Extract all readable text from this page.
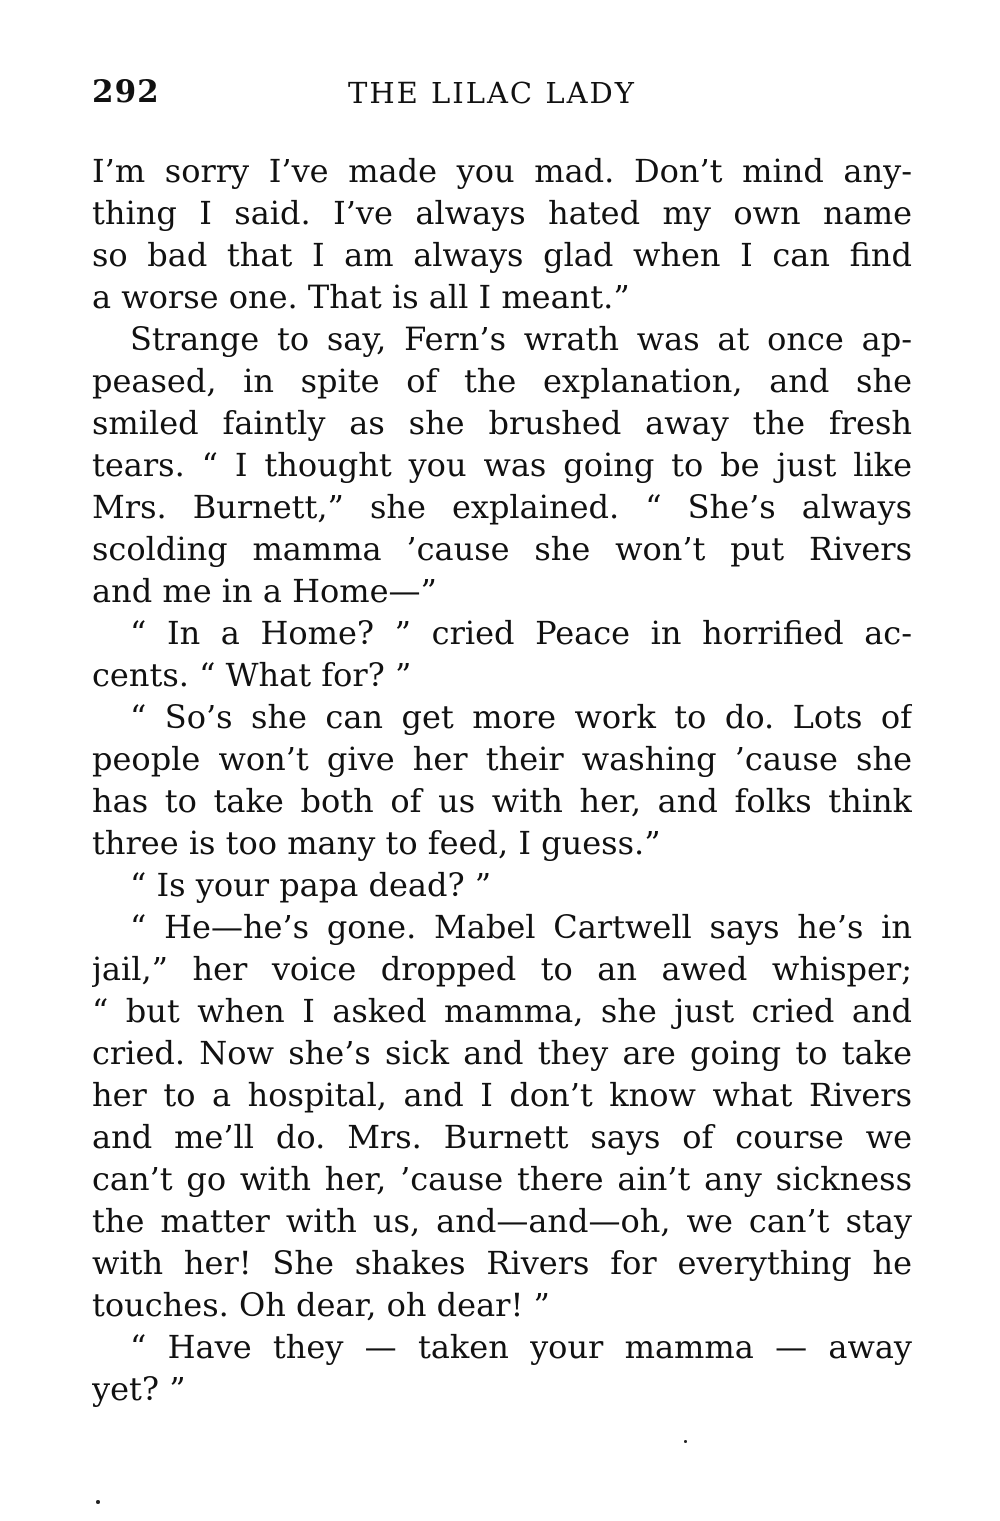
292	THE LILAC LADY
I’m sorry I’ve made you mad. Don’t mind any-
thing I said. I’ve always hated my own name
so bad that I am always glad when I can find
a worse one. That is all I meant.”
Strange to say, Fern’s wrath was at once ap-
peased, in spite of the explanation, and she
smiled faintly as she brushed away the fresh
tears. “ I thought you was going to be just like
Mrs. Burnett,” she explained. “ She’s always
scolding mamma ’cause she won’t put Rivers
and me in a Home—”
“ In a Home? ” cried Peace in horrified ac-
cents. “ What for? ”
“ So’s she can get more work to do. Lots of
people won’t give her their washing ’cause she
has to take both of us with her, and folks think
three is too many to feed, I guess.”
“ Is your papa dead? ”
“ He—he’s gone. Mabel Cartwell says he’s in
jail,” her voice dropped to an awed whisper;
“ but when I asked mamma, she just cried and
cried. Now she’s sick and they are going to take
her to a hospital, and I don’t know what Rivers
and me’ll do. Mrs. Burnett says of course we
can’t go with her, ’cause there ain’t any sickness
the matter with us, and—and—oh, we can’t stay
with her! She shakes Rivers for everything he
touches. Oh dear, oh dear! ”
“ Have they — taken your mamma — away
yet? ”
